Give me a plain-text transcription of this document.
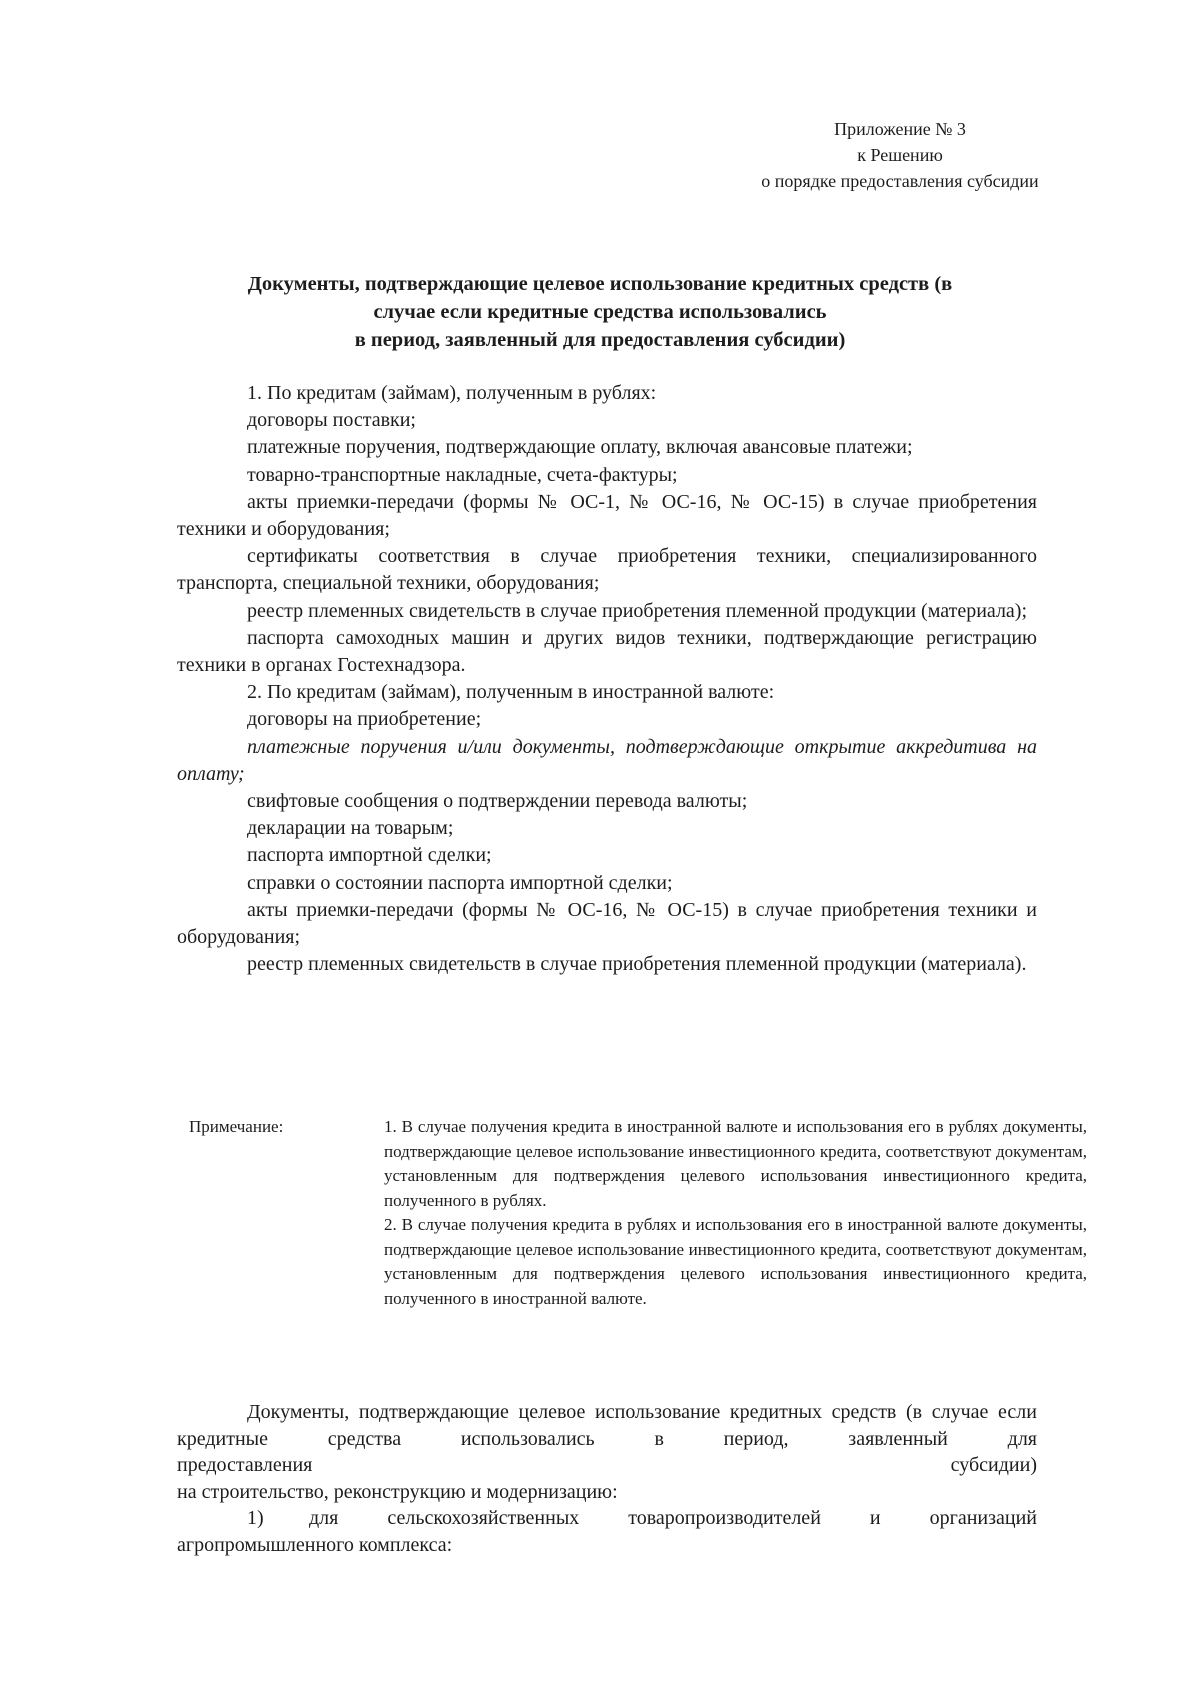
Приложение № 3
к Решению
о порядке предоставления субсидии
Документы, подтверждающие целевое использование кредитных средств (в
случае если кредитные средства использовались
в период, заявленный для предоставления субсидии)

1. По кредитам (займам), полученным в рублях:

договоры поставки;

платежные поручения, подтверждающие оплату, включая авансовые платежи;

товарно-транспортные накладные, счета-фактуры;

акты приемки-передачи (формы № ОС-1, № ОС-16, № ОС-15) в случае приобретения техники и оборудования;

сертификаты соответствия в случае приобретения техники, специализированного транспорта, специальной техники, оборудования;

реестр племенных свидетельств в случае приобретения племенной продукции (материала);

паспорта самоходных машин и других видов техники, подтверждающие регистрацию техники в органах Гостехнадзора.

2. По кредитам (займам), полученным в иностранной валюте:

договоры на приобретение;

платежные поручения и/или документы, подтверждающие открытие аккредитива на оплату;

свифтовые сообщения о подтверждении перевода валюты;

декларации на товарым;

паспорта импортной сделки;

справки о состоянии паспорта импортной сделки;

акты приемки-передачи (формы № ОС-16, № ОС-15) в случае приобретения техники и оборудования;

реестр племенных свидетельств в случае приобретения племенной продукции (материала).

Примечание:	1. В случае получения кредита в иностранной валюте и использования его в рублях документы, подтверждающие целевое использование инвестиционного кредита, соответствуют документам, установленным для подтверждения целевого использования инвестиционного кредита, полученного в рублях.

2. В случае получения кредита в рублях и использования его в иностранной валюте документы, подтверждающие целевое использование инвестиционного кредита, соответствуют документам, установленным для подтверждения целевого использования инвестиционного кредита, полученного в иностранной валюте.

Документы, подтверждающие целевое использование кредитных средств (в случае если кредитные средства использовались в период, заявленный для

предоставления	субсидии)

на строительство, реконструкцию и модернизацию:

1) для сельскохозяйственных товаропроизводителей и организаций агропромышленного комплекса:
